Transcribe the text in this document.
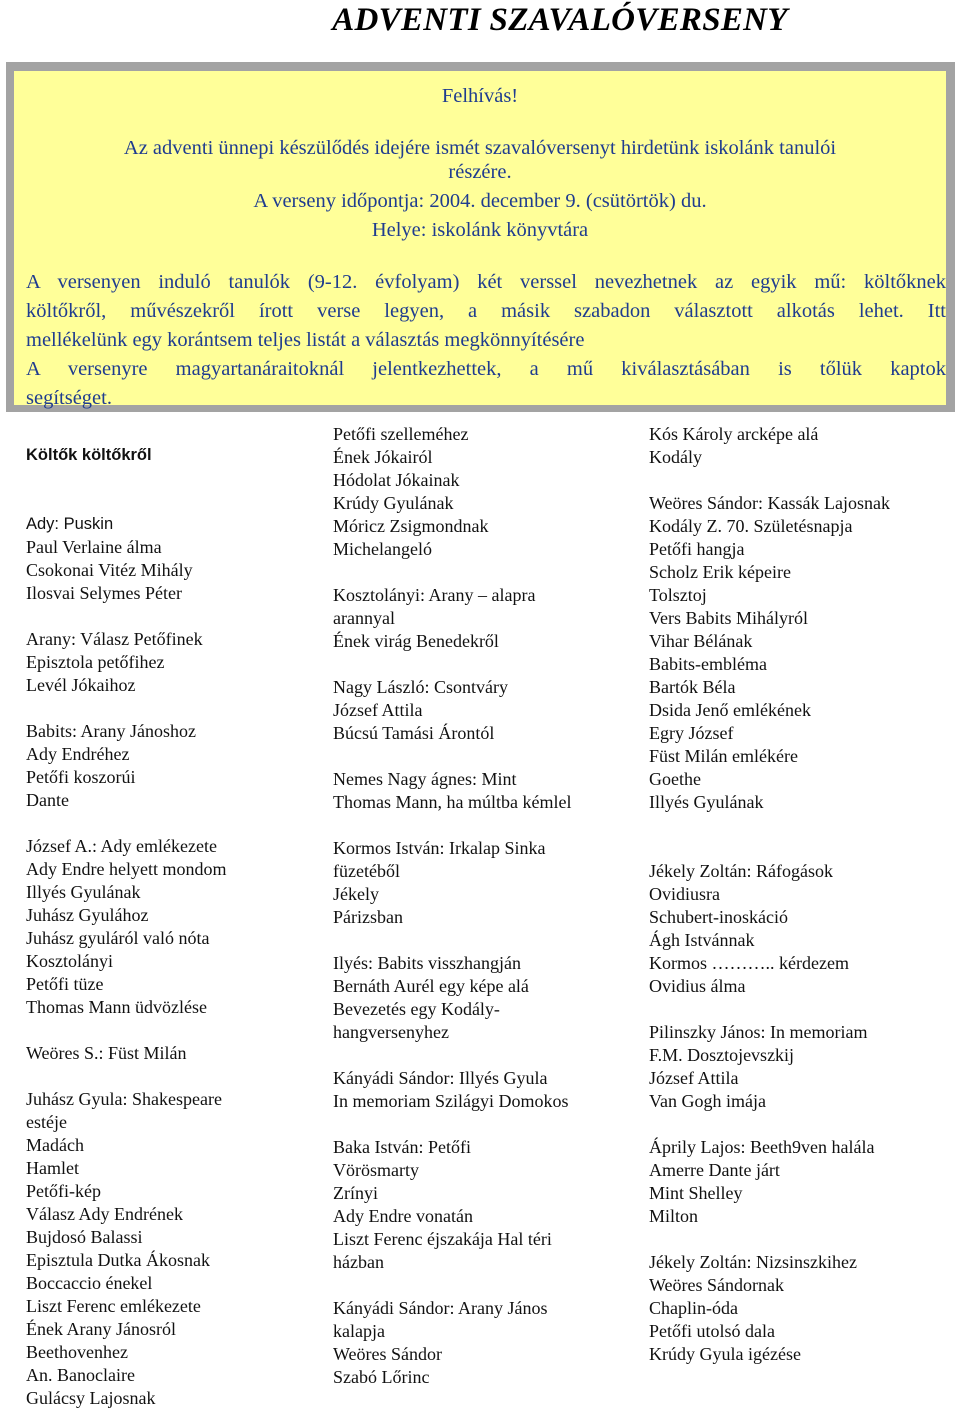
ADVENTI SZAVALÓVERSENY
Felhívás!
Az adventi ünnepi készülődés idejére ismét szavalóversenyt hirdetünk iskolánk tanulói
részére.
A verseny időpontja: 2004. december 9. (csütörtök) du.
Helye: iskolánk könyvtára
A versenyen induló tanulók (9-12. évfolyam) két verssel nevezhetnek az egyik mű: költőknek
költőkről, művészekről írott verse legyen, a másik szabadon választott alkotás lehet. Itt
mellékelünk egy korántsem teljes listát a választás megkönnyítésére
A versenyre magyartanáraitoknál jelentkezhettek, a mű kiválasztásában is tőlük kaptok
segítséget.
Költők költőkről
Ady: Puskin
Paul Verlaine álma
Csokonai Vitéz Mihály
Ilosvai Selymes Péter
Arany: Válasz Petőfinek
Episztola petőfihez
Levél Jókaihoz
Babits: Arany Jánoshoz
Ady Endréhez
Petőfi koszorúi
Dante
József A.: Ady emlékezete
Ady Endre helyett mondom
Illyés Gyulának
Juhász Gyulához
Juhász gyuláról való nóta
Kosztolányi
Petőfi tüze
Thomas Mann üdvözlése
Weöres S.: Füst Milán
Juhász Gyula: Shakespeare
estéje
Madách
Hamlet
Petőfi-kép
Válasz Ady Endrének
Bujdosó Balassi
Episztula Dutka Ákosnak
Boccaccio énekel
Liszt Ferenc emlékezete
Ének Arany Jánosról
Beethovenhez
An. Banoclaire
Gulácsy Lajosnak
Petőfi szelleméhez
Ének Jókairól
Hódolat Jókainak
Krúdy Gyulának
Móricz Zsigmondnak
Michelangeló
Kosztolányi: Arany – alapra
arannyal
Ének virág Benedekről
Nagy László: Csontváry
József Attila
Búcsú Tamási Árontól
Nemes Nagy ágnes: Mint
Thomas Mann, ha múltba kémlel
Kormos István: Irkalap Sinka
füzetéből
Jékely
Párizsban
Ilyés: Babits visszhangján
Bernáth Aurél egy képe alá
Bevezetés egy Kodály-
hangversenyhez
Kányádi Sándor: Illyés Gyula
In memoriam Szilágyi Domokos
Baka István: Petőfi
Vörösmarty
Zrínyi
Ady Endre vonatán
Liszt Ferenc éjszakája Hal téri
házban
Kányádi Sándor: Arany János
kalapja
Weöres Sándor
Szabó Lőrinc
Kós Károly arcképe alá
Kodály
Weöres Sándor: Kassák Lajosnak
Kodály Z. 70. Születésnapja
Petőfi hangja
Scholz Erik képeire
Tolsztoj
Vers Babits Mihályról
Vihar Bélának
Babits-embléma
Bartók Béla
Dsida Jenő emlékének
Egry József
Füst Milán emlékére
Goethe
Illyés Gyulának
Jékely Zoltán: Ráfogások
Ovidiusra
Schubert-inoskáció
Ágh Istvánnak
Kormos ……….. kérdezem
Ovidius álma
Pilinszky János: In memoriam
F.M. Dosztojevszkij
József Attila
Van Gogh imája
Áprily Lajos: Beeth9ven halála
Amerre Dante járt
Mint Shelley
Milton
Jékely Zoltán: Nizsinszkihez
Weöres Sándornak
Chaplin-óda
Petőfi utolsó dala
Krúdy Gyula igézése
